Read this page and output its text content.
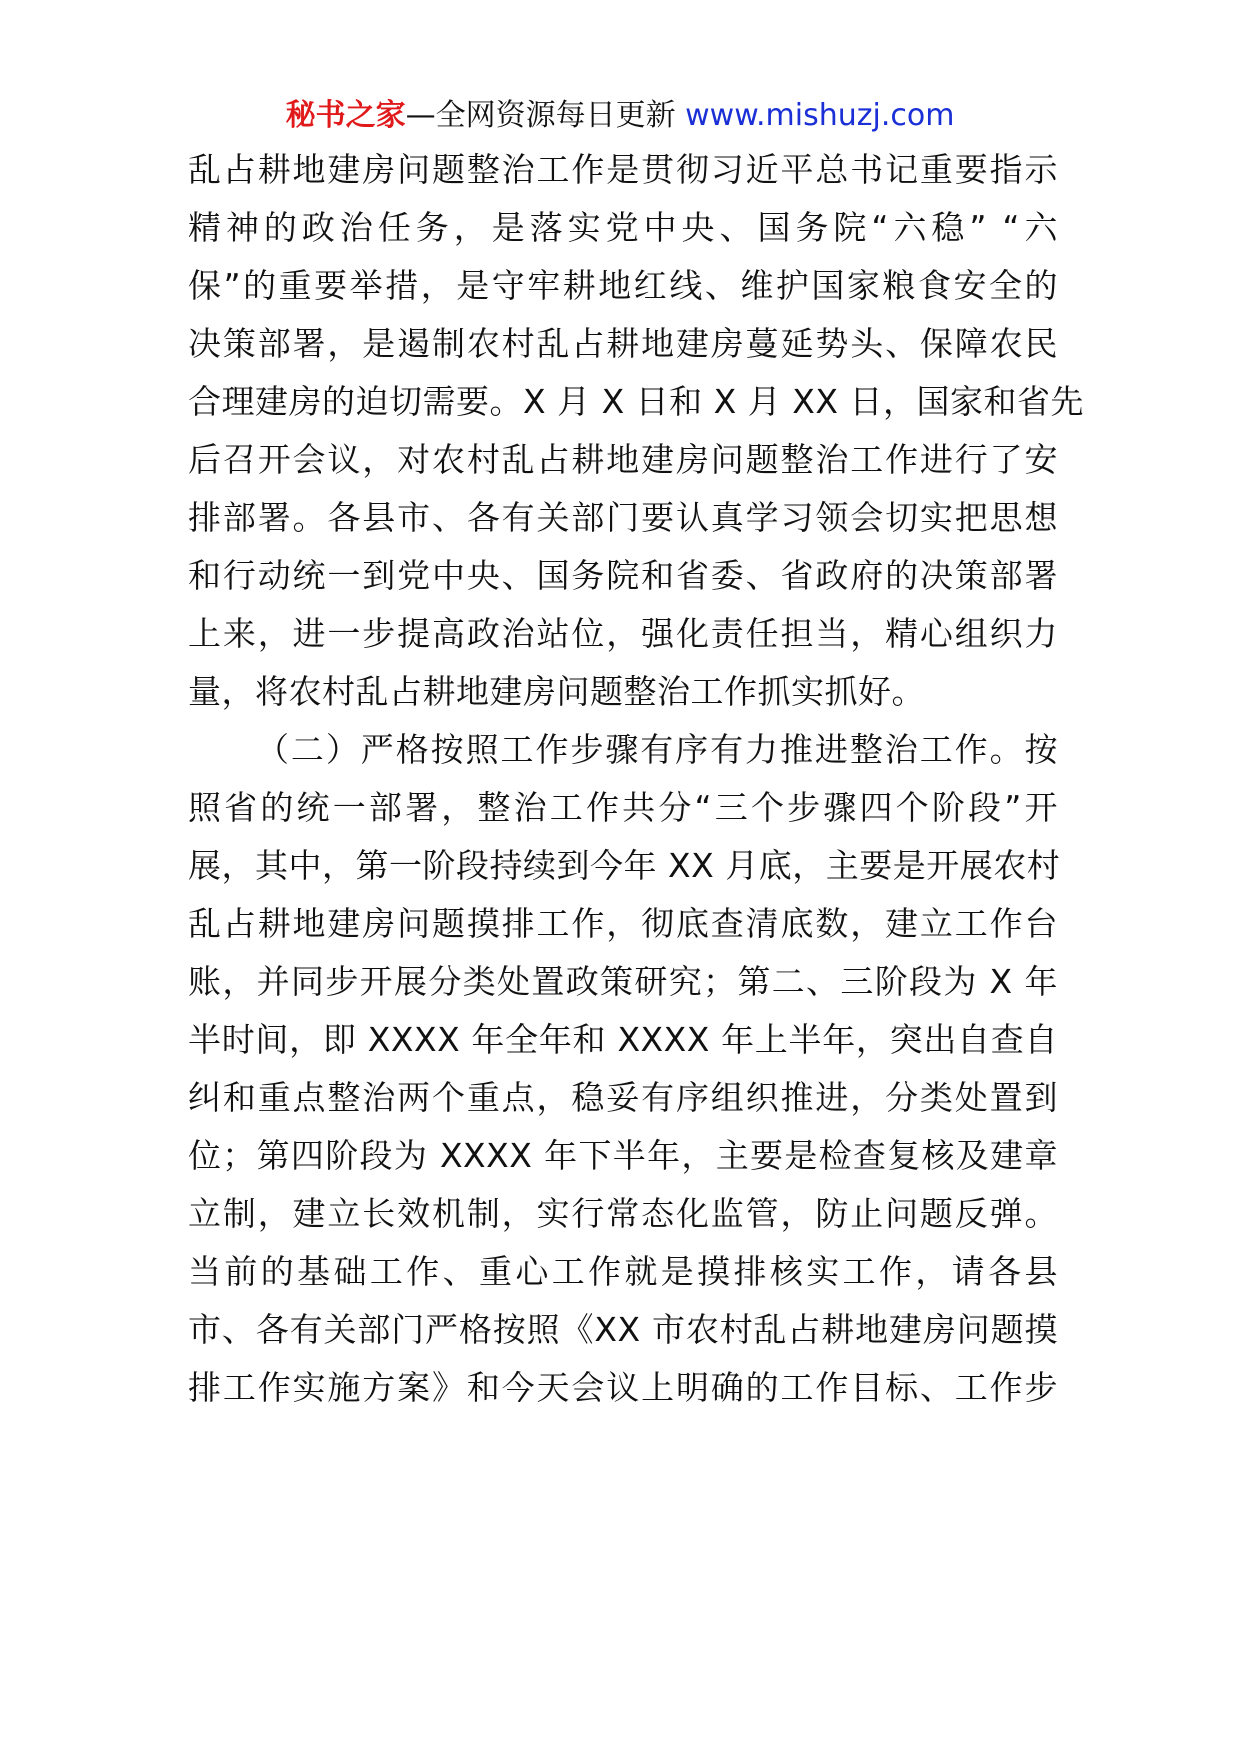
秘书之家—全网资源每日更新 www.mishuzj.com
乱占耕地建房问题整治工作是贯彻习近平总书记重要指示
精神的政治任务，是落实党中央、国务院“六稳” “六
保”的重要举措，是守牢耕地红线、维护国家粮食安全的
决策部署，是遏制农村乱占耕地建房蔓延势头、保障农民
合理建房的迫切需要。X 月 X 日和 X 月 XX 日，国家和省先
后召开会议，对农村乱占耕地建房问题整治工作进行了安
排部署。各县市、各有关部门要认真学习领会切实把思想
和行动统一到党中央、国务院和省委、省政府的决策部署
上来，进一步提高政治站位，强化责任担当，精心组织力
量，将农村乱占耕地建房问题整治工作抓实抓好。
（二）严格按照工作步骤有序有力推进整治工作。按
照省的统一部署，整治工作共分“三个步骤四个阶段”开
展，其中，第一阶段持续到今年 XX 月底，主要是开展农村
乱占耕地建房问题摸排工作，彻底查清底数，建立工作台
账，并同步开展分类处置政策研究；第二、三阶段为 X 年
半时间，即 XXXX 年全年和 XXXX 年上半年，突出自查自
纠和重点整治两个重点，稳妥有序组织推进，分类处置到
位；第四阶段为 XXXX 年下半年，主要是检查复核及建章
立制，建立长效机制，实行常态化监管，防止问题反弹。
当前的基础工作、重心工作就是摸排核实工作，请各县
市、各有关部门严格按照《XX 市农村乱占耕地建房问题摸
排工作实施方案》和今天会议上明确的工作目标、工作步
